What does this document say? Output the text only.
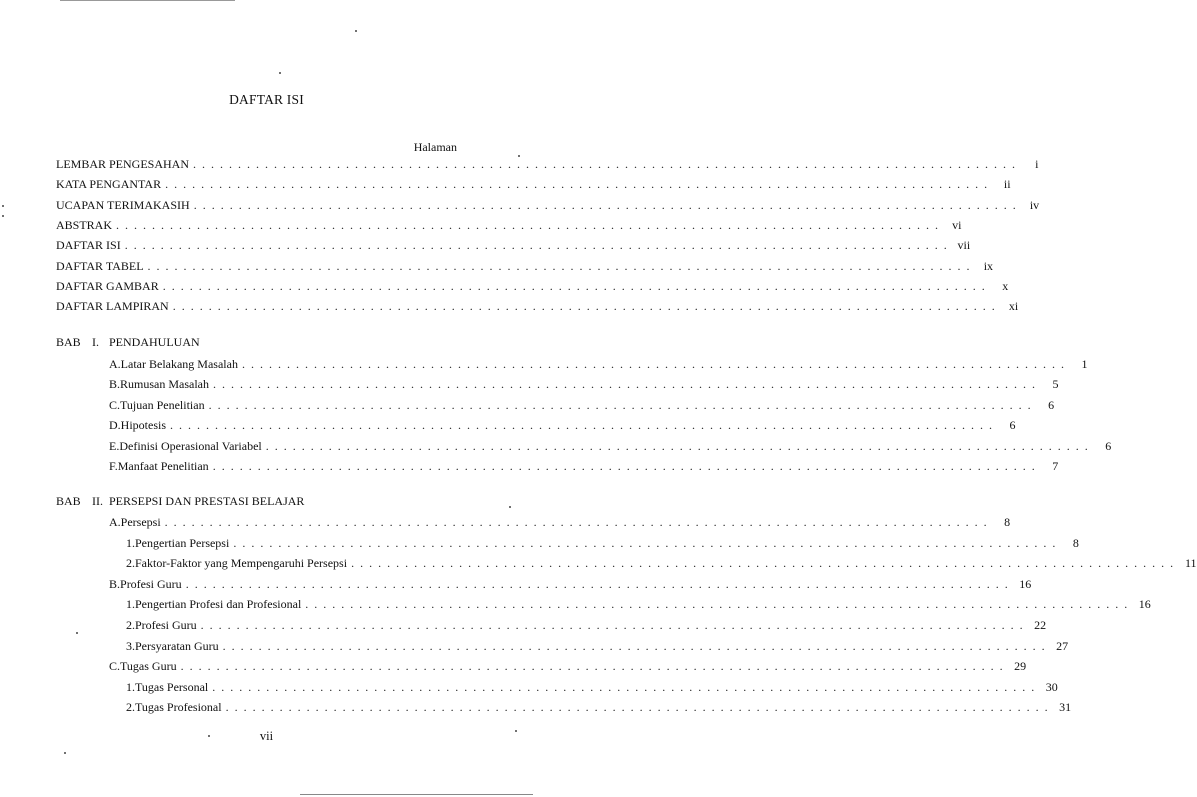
DAFTAR ISI
Halaman
LEMBAR PENGESAHAN . . . . . . . . . . . . . . . . . . . . . . . . . . . . . . . . . . . . . . . . . . . . . . . . . . . . . . . . . . . . . . . . . . . . . . . . . . . . . . . . . . . . . . . . . . . .	i
KATA PENGANTAR . . . . . . . . . . . . . . . . . . . . . . . . . . . . . . . . . . . . . . . . . . . . . . . . . . . . . . . . . . . . . . . . . . . . . . . . . . . . . . . . . . . . . . . . . . . .	ii
UCAPAN TERIMAKASIH . . . . . . . . . . . . . . . . . . . . . . . . . . . . . . . . . . . . . . . . . . . . . . . . . . . . . . . . . . . . . . . . . . . . . . . . . . . . . . . . . . . . . . . . . . . .	iv
ABSTRAK . . . . . . . . . . . . . . . . . . . . . . . . . . . . . . . . . . . . . . . . . . . . . . . . . . . . . . . . . . . . . . . . . . . . . . . . . . . . . . . . . . . . . . . . . . . .	vi
DAFTAR ISI . . . . . . . . . . . . . . . . . . . . . . . . . . . . . . . . . . . . . . . . . . . . . . . . . . . . . . . . . . . . . . . . . . . . . . . . . . . . . . . . . . . . . . . . . . . . vii
DAFTAR TABEL . . . . . . . . . . . . . . . . . . . . . . . . . . . . . . . . . . . . . . . . . . . . . . . . . . . . . . . . . . . . . . . . . . . . . . . . . . . . . . . . . . . . . . . . . . . .	ix
DAFTAR GAMBAR . . . . . . . . . . . . . . . . . . . . . . . . . . . . . . . . . . . . . . . . . . . . . . . . . . . . . . . . . . . . . . . . . . . . . . . . . . . . . . . . . . . . . . . . . . . .	x
DAFTAR LAMPIRAN . . . . . . . . . . . . . . . . . . . . . . . . . . . . . . . . . . . . . . . . . . . . . . . . . . . . . . . . . . . . . . . . . . . . . . . . . . . . . . . . . . . . . . . . . . . .	xi
BAB I. PENDAHULUAN
A. Latar Belakang Masalah . . . . . . . . . . . . . . . . . . . . . . . . . . . . . . . . . . . . . . . . . . . . . . . . . . . . . . . . . . . . . . . . . . . . . . . . . . . . . . . . . . . . . . . . . . . .	1
B. Rumusan Masalah . . . . . . . . . . . . . . . . . . . . . . . . . . . . . . . . . . . . . . . . . . . . . . . . . . . . . . . . . . . . . . . . . . . . . . . . . . . . . . . . . . . . . . . . . . . .	5
C. Tujuan Penelitian . . . . . . . . . . . . . . . . . . . . . . . . . . . . . . . . . . . . . . . . . . . . . . . . . . . . . . . . . . . . . . . . . . . . . . . . . . . . . . . . . . . . . . . . . . . .	6
D. Hipotesis . . . . . . . . . . . . . . . . . . . . . . . . . . . . . . . . . . . . . . . . . . . . . . . . . . . . . . . . . . . . . . . . . . . . . . . . . . . . . . . . . . . . . . . . . . . .	6
E. Definisi Operasional Variabel . . . . . . . . . . . . . . . . . . . . . . . . . . . . . . . . . . . . . . . . . . . . . . . . . . . . . . . . . . . . . . . . . . . . . . . . . . . . . . . . . . . . . . . . . . . .	6
F. Manfaat Penelitian . . . . . . . . . . . . . . . . . . . . . . . . . . . . . . . . . . . . . . . . . . . . . . . . . . . . . . . . . . . . . . . . . . . . . . . . . . . . . . . . . . . . . . . . . . . .	7
BAB II. PERSEPSI DAN PRESTASI BELAJAR
A. Persepsi . . . . . . . . . . . . . . . . . . . . . . . . . . . . . . . . . . . . . . . . . . . . . . . . . . . . . . . . . . . . . . . . . . . . . . . . . . . . . . . . . . . . . . . . . . . .	8
1. Pengertian Persepsi . . . . . . . . . . . . . . . . . . . . . . . . . . . . . . . . . . . . . . . . . . . . . . . . . . . . . . . . . . . . . . . . . . . . . . . . . . . . . . . . . . . . . . . . . . . .	8
2. Faktor-Faktor yang Mempengaruhi Persepsi . . . . . . . . . . . . . . . . . . . . . . . . . . . . . . . . . . . . . . . . . . . . . . . . . . . . . . . . . . . . . . . . . . . . . . . . . . . . . . . . . . . . . . . . . . . . 11
B. Profesi Guru . . . . . . . . . . . . . . . . . . . . . . . . . . . . . . . . . . . . . . . . . . . . . . . . . . . . . . . . . . . . . . . . . . . . . . . . . . . . . . . . . . . . . . . . . . . . 16
1. Pengertian Profesi dan Profesional . . . . . . . . . . . . . . . . . . . . . . . . . . . . . . . . . . . . . . . . . . . . . . . . . . . . . . . . . . . . . . . . . . . . . . . . . . . . . . . . . . . . . . . . . . . . 16
2. Profesi Guru . . . . . . . . . . . . . . . . . . . . . . . . . . . . . . . . . . . . . . . . . . . . . . . . . . . . . . . . . . . . . . . . . . . . . . . . . . . . . . . . . . . . . . . . . . . . 22
3. Persyaratan Guru . . . . . . . . . . . . . . . . . . . . . . . . . . . . . . . . . . . . . . . . . . . . . . . . . . . . . . . . . . . . . . . . . . . . . . . . . . . . . . . . . . . . . . . . . . . . 27
C. Tugas Guru . . . . . . . . . . . . . . . . . . . . . . . . . . . . . . . . . . . . . . . . . . . . . . . . . . . . . . . . . . . . . . . . . . . . . . . . . . . . . . . . . . . . . . . . . . . . 29
1. Tugas Personal . . . . . . . . . . . . . . . . . . . . . . . . . . . . . . . . . . . . . . . . . . . . . . . . . . . . . . . . . . . . . . . . . . . . . . . . . . . . . . . . . . . . . . . . . . . . 30
2. Tugas Profesional . . . . . . . . . . . . . . . . . . . . . . . . . . . . . . . . . . . . . . . . . . . . . . . . . . . . . . . . . . . . . . . . . . . . . . . . . . . . . . . . . . . . . . . . . . . . 31
vii
